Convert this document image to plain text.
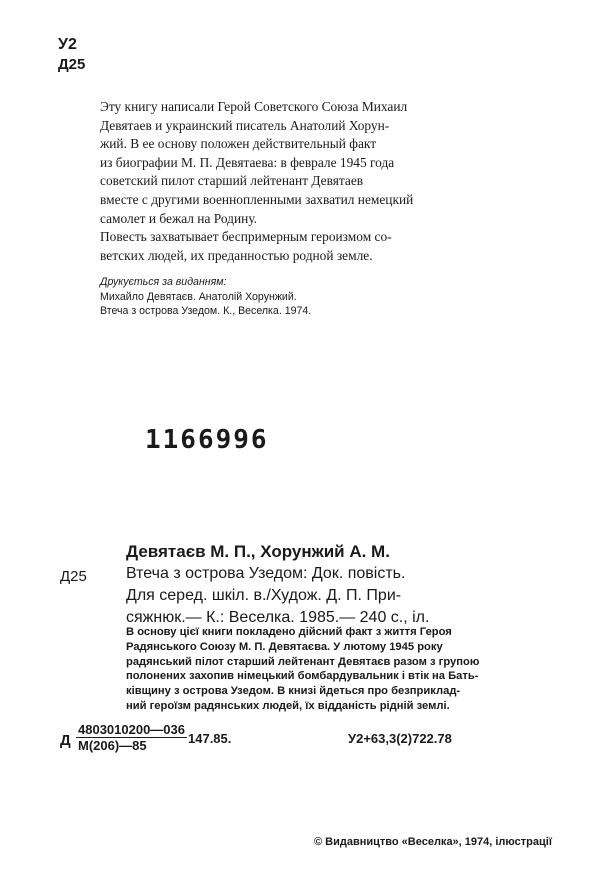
У2
Д25
Эту книгу написали Герой Советского Союза Михаил
Девятаев и украинский писатель Анатолий Хорун-
жий. В ее основу положен действительный факт
из биографии М. П. Девятаева: в феврале 1945 года
советский пилот старший лейтенант Девятаев
вместе с другими военнопленными захватил немецкий
самолет и бежал на Родину.
Повесть захватывает беспримерным героизмом со-
ветских людей, их преданностью родной земле.
Друкується за виданням:
Михайло Девятаєв. Анатолій Хорунжий.
Втеча з острова Узедом. К., Веселка. 1974.
1166996
Девятаєв М. П., Хорунжий А. М.
Д25 Втеча з острова Узедом: Док. повість.
Для серед. шкіл. в./Худож. Д. П. При-
сяжнюк.— К.: Веселка. 1985.— 240 с., іл.
В основу цієї книги покладено дійсний факт з життя Героя
Радянського Союзу М. П. Девятаєва. У лютому 1945 року
радянський пілот старший лейтенант Девятаєв разом з групою
полонених захопив німецький бомбардувальник і втік на Бать-
ківщину з острова Узедом. В книзі йдеться про безприклад-
ний героїзм радянських людей, їх відданість рідній землі.
Д
4803010200—036
М(206)—85	147.85.	У2+63,3(2)722.78
© Видавництво «Веселка», 1974, ілюстрації
